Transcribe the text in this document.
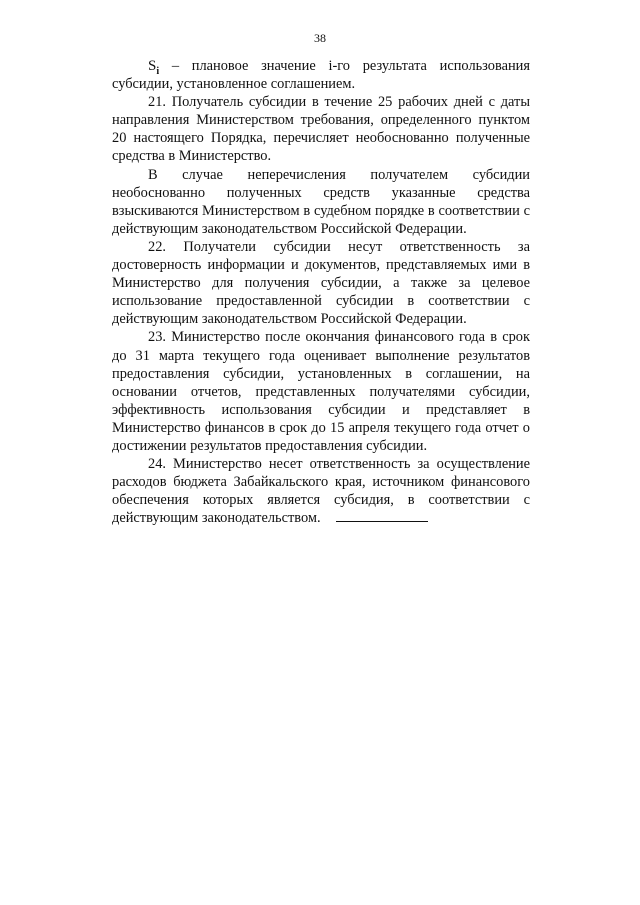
38

$S_i$ – плановое значение i-го результата использования субсидии, установленное соглашением.

21. Получатель субсидии в течение 25 рабочих дней с даты направления Министерством требования, определенного пунктом 20 настоящего Порядка, перечисляет необоснованно полученные средства в Министерство.

В случае неперечисления получателем субсидии необоснованно полученных средств указанные средства взыскиваются Министерством в судебном порядке в соответствии с действующим законодательством Российской Федерации.

22. Получатели субсидии несут ответственность за достоверность информации и документов, представляемых ими в Министерство для получения субсидии, а также за целевое использование предоставленной субсидии в соответствии с действующим законодательством Российской Федерации.

23. Министерство после окончания финансового года в срок до 31 марта текущего года оценивает выполнение результатов предоставления субсидии, установленных в соглашении, на основании отчетов, представленных получателями субсидии, эффективность использования субсидии и представляет в Министерство финансов в срок до 15 апреля текущего года отчет о достижении результатов предоставления субсидии.

24. Министерство несет ответственность за осуществление расходов бюджета Забайкальского края, источником финансового обеспечения которых является субсидия, в соответствии с действующим законодательством.
